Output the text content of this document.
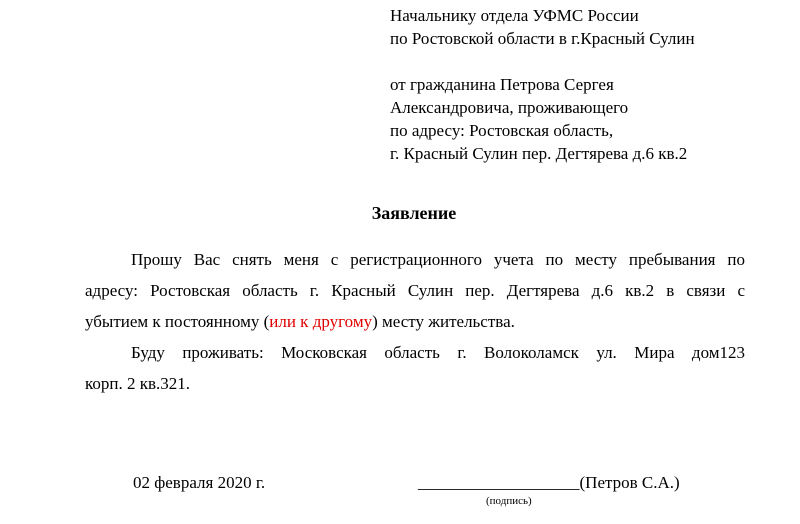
Начальнику отдела УФМС России
по Ростовской области в г.Красный Сулин
от гражданина Петрова Сергея
Александровича, проживающего
по адресу: Ростовская область,
г. Красный Сулин пер. Дегтярева д.6 кв.2
Заявление
Прошу Вас снять меня с регистрационного учета по месту пребывания по
адресу: Ростовская область г. Красный Сулин пер. Дегтярева д.6 кв.2 в связи с
убытием к постоянному (или к другому) месту жительства.
Буду проживать: Московская область г. Волоколамск ул. Мира дом123
корп. 2 кв.321.
02 февраля 2020 г.	___________________(Петров С.А.)
(подпись)
